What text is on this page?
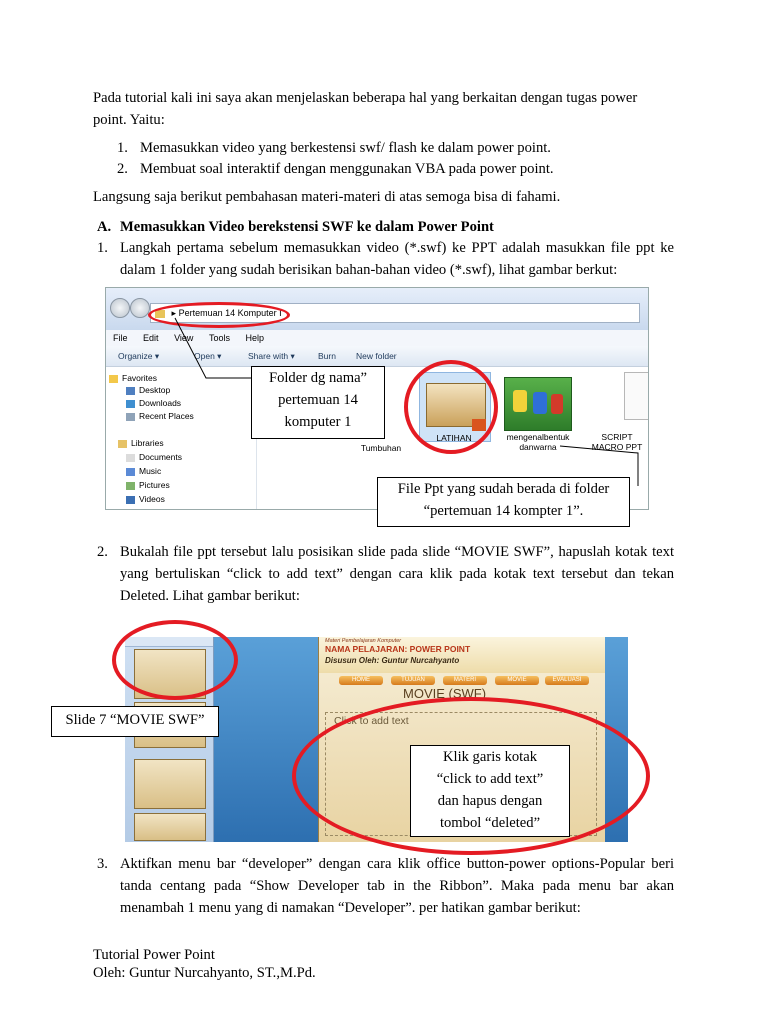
Pada tutorial kali ini saya akan menjelaskan beberapa hal yang berkaitan dengan tugas power
point. Yaitu:
1. Memasukkan video yang berkestensi swf/ flash ke dalam power point.
2. Membuat soal interaktif dengan menggunakan VBA pada power point.
Langsung saja berikut pembahasan materi-materi di atas semoga bisa di fahami.
A. Memasukkan Video berekstensi SWF ke dalam Power Point
1. Langkah pertama sebelum memasukkan video (*.swf) ke PPT adalah masukkan file ppt ke dalam 1 folder yang sudah berisikan bahan-bahan video (*.swf), lihat gambar berkut:
▸ Pertemuan 14 Komputer I
File Edit View Tools Help
Organize ▾	Open ▾	Share with ▾	Burn New folder
Favorites
Desktop
Downloads
Recent Places
Libraries
Documents
Music
Pictures
Videos
Tumbuhan
LATIHAN	mengenalbentuk danwarna
SCRIPT MACRO PPT
Folder dg nama”
pertemuan 14
komputer 1
File Ppt yang sudah berada di folder
“pertemuan 14 kompter 1”.
2. Bukalah file ppt tersebut lalu posisikan slide pada slide “MOVIE SWF”, hapuslah kotak text yang bertuliskan “click to add text” dengan cara klik pada kotak text tersebut dan tekan Deleted. Lihat gambar berikut:
Materi Pembelajaran Komputer
NAMA PELAJARAN: POWER POINT
Disusun Oleh: Guntur Nurcahyanto
HOME	TUJUAN	MATERI	MOVIE	EVALUASI
MOVIE (SWF)
Click to add text
Slide 7 “MOVIE SWF”
Klik garis kotak
“click to add text”
dan hapus dengan
tombol “deleted”
3. Aktifkan menu bar “developer” dengan cara klik office button-power options-Popular beri tanda centang pada “Show Developer tab in the Ribbon”. Maka pada menu bar akan menambah 1 menu yang di namakan “Developer”. per hatikan gambar berikut:
Tutorial Power Point
Oleh: Guntur Nurcahyanto, ST.,M.Pd.
